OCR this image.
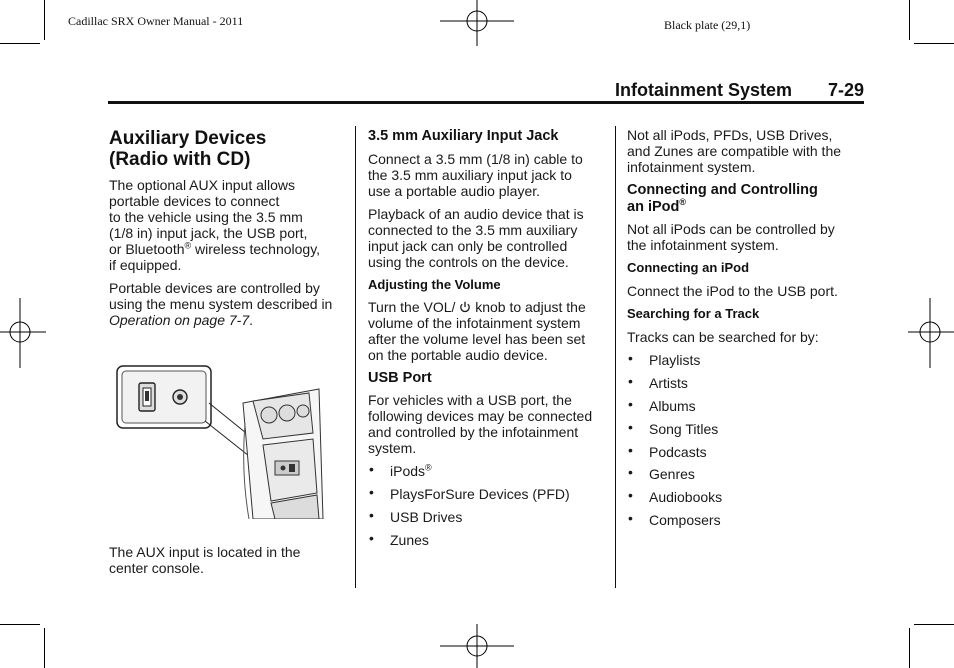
Cadillac SRX Owner Manual - 2011	Black plate (29,1)
Infotainment System 7-29
Auxiliary Devices
(Radio with CD)

The optional AUX input allows
portable devices to connect
to the vehicle using the 3.5 mm
(1/8 in) input jack, the USB port,
or Bluetooth® wireless technology,
if equipped.

Portable devices are controlled by
using the menu system described in
Operation on page 7-7.

The AUX input is located in the
center console.
3.5 mm Auxiliary Input Jack

Connect a 3.5 mm (1/8 in) cable to
the 3.5 mm auxiliary input jack to
use a portable audio player.

Playback of an audio device that is
connected to the 3.5 mm auxiliary
input jack can only be controlled
using the controls on the device.

Adjusting the Volume

Turn the VOL/  knob to adjust the
volume of the infotainment system
after the volume level has been set
on the portable audio device.

USB Port

For vehicles with a USB port, the
following devices may be connected
and controlled by the infotainment
system.

• iPods®
• PlaysForSure Devices (PFD)
• USB Drives
• Zunes

Not all iPods, PFDs, USB Drives,
and Zunes are compatible with the
infotainment system.

Connecting and Controlling
an iPod®

Not all iPods can be controlled by
the infotainment system.

Connecting an iPod

Connect the iPod to the USB port.

Searching for a Track

Tracks can be searched for by:

• Playlists
• Artists
• Albums
• Song Titles
• Podcasts
• Genres
• Audiobooks
• Composers
